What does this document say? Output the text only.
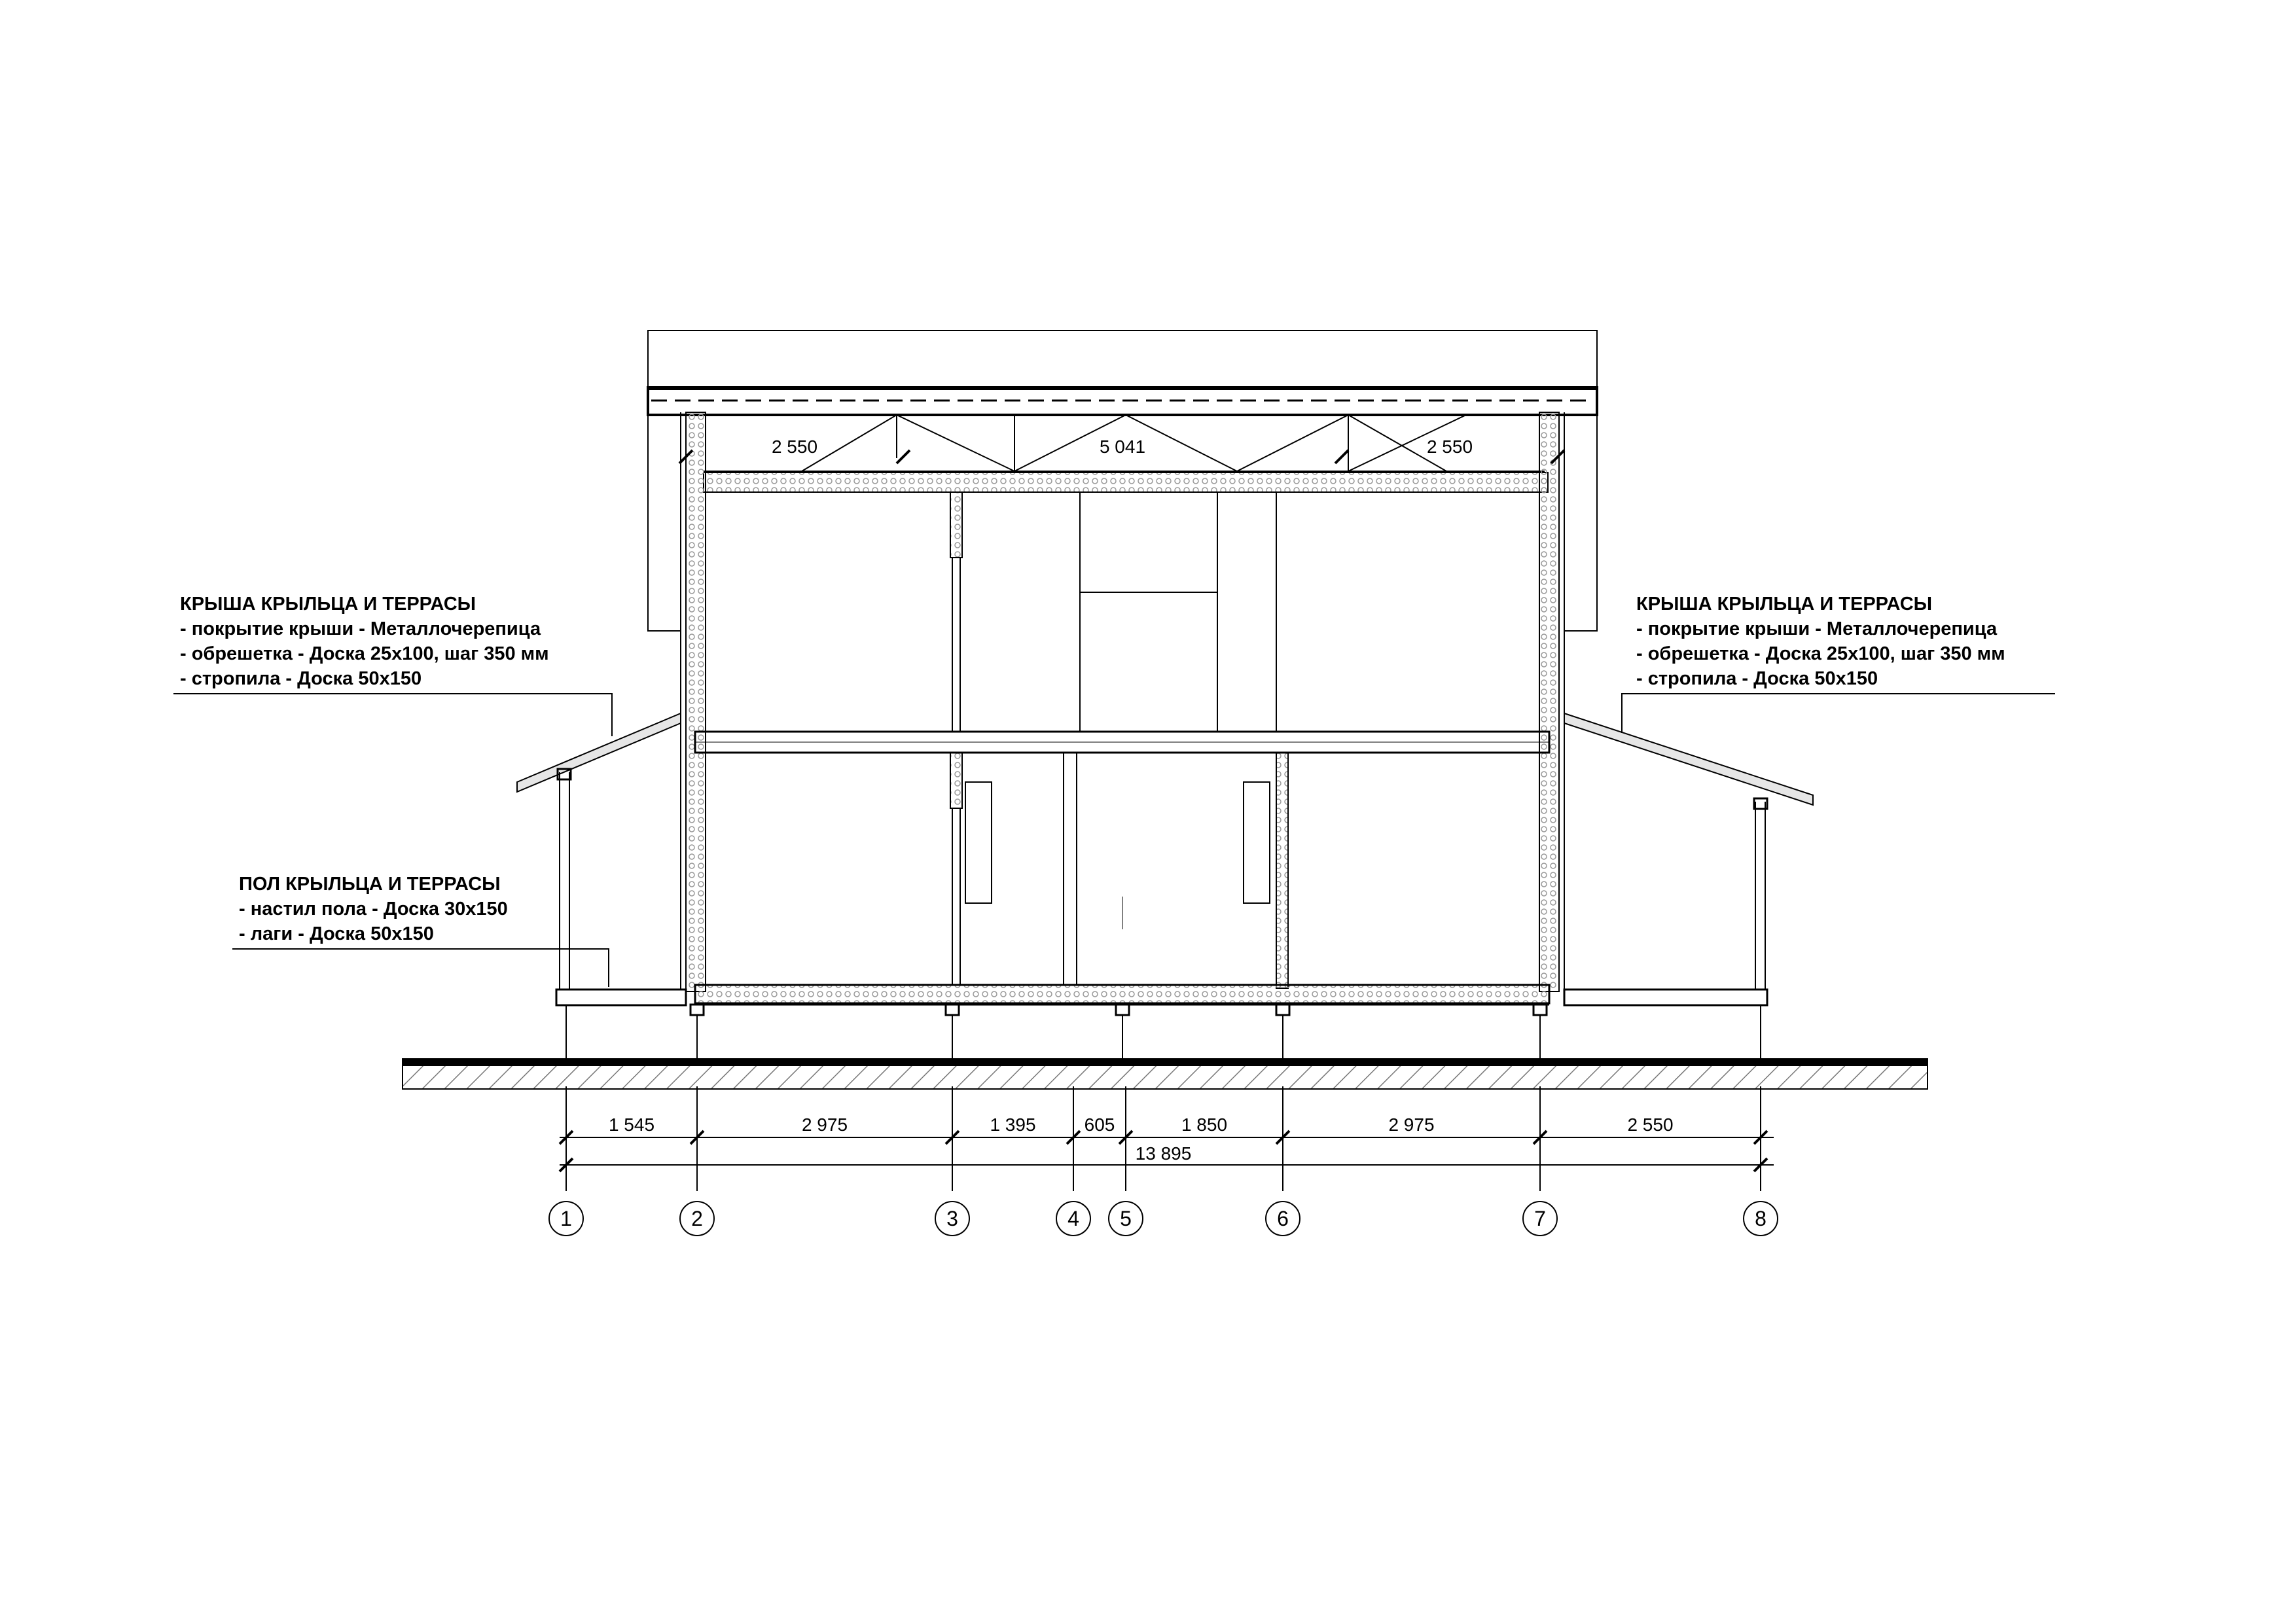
2 550	5 041	2 550
1 545	2 975	1 395	605	1 850	2 975	2 550
13 895
1	2	3	4 5	6	7	8
КРЫША КРЫЛЬЦА И ТЕРРАСЫ
- покрытие крыши - Металлочерепица
- обрешетка - Доска 25х100, шаг 350 мм
- стропила - Доска 50х150
КРЫША КРЫЛЬЦА И ТЕРРАСЫ
- покрытие крыши - Металлочерепица
- обрешетка - Доска 25х100, шаг 350 мм
- стропила - Доска 50х150
ПОЛ КРЫЛЬЦА И ТЕРРАСЫ
- настил пола - Доска 30х150
- лаги - Доска 50х150
